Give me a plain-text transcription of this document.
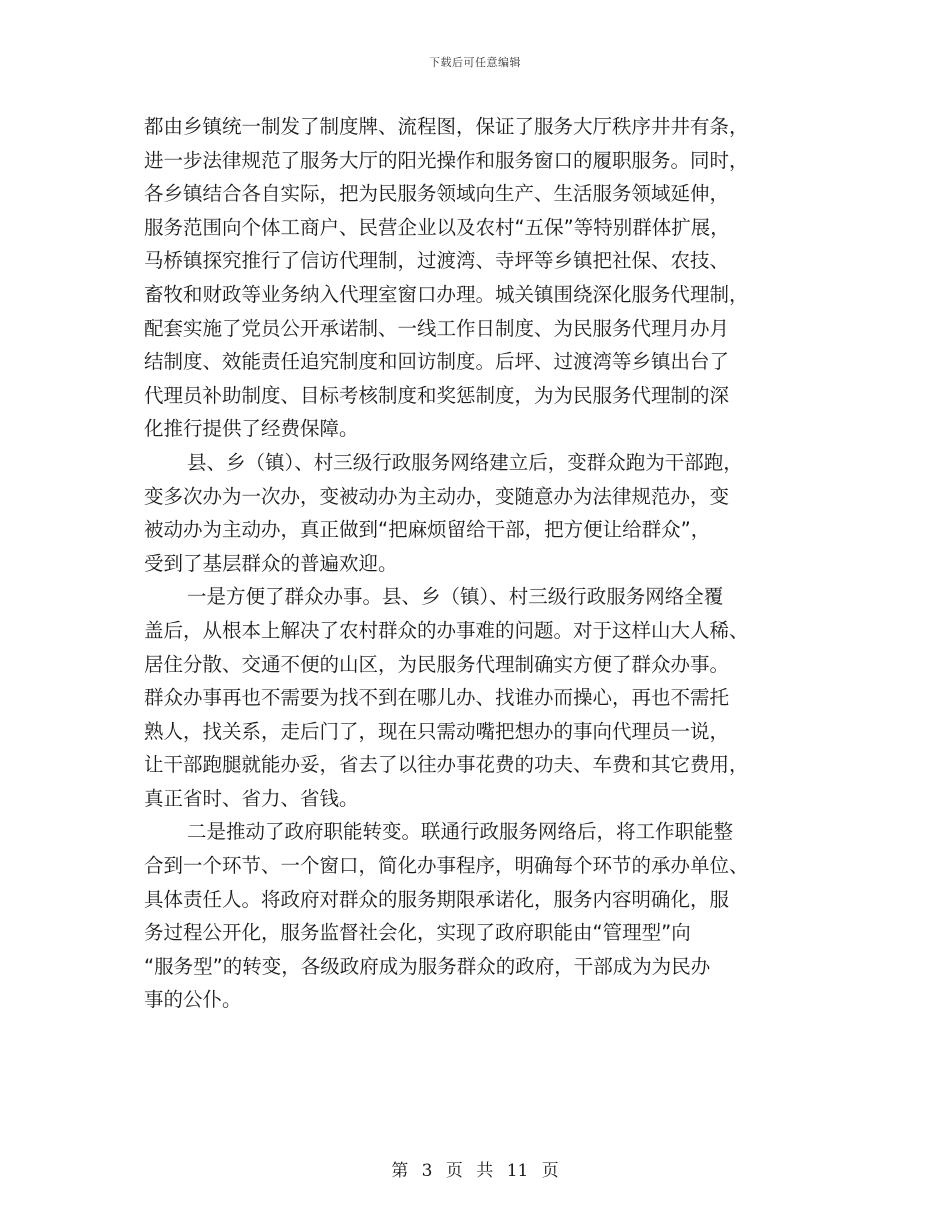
下载后可任意编辑
都由乡镇统一制发了制度牌、流程图，保证了服务大厅秩序井井有条，
进一步法律规范了服务大厅的阳光操作和服务窗口的履职服务。同时，
各乡镇结合各自实际，把为民服务领域向生产、生活服务领域延伸，
服务范围向个体工商户、民营企业以及农村“五保”等特别群体扩展，
马桥镇探究推行了信访代理制，过渡湾、寺坪等乡镇把社保、农技、
畜牧和财政等业务纳入代理室窗口办理。城关镇围绕深化服务代理制，
配套实施了党员公开承诺制、一线工作日制度、为民服务代理月办月
结制度、效能责任追究制度和回访制度。后坪、过渡湾等乡镇出台了
代理员补助制度、目标考核制度和奖惩制度，为为民服务代理制的深
化推行提供了经费保障。
县、乡（镇）、村三级行政服务网络建立后，变群众跑为干部跑，
变多次办为一次办，变被动办为主动办，变随意办为法律规范办，变
被动办为主动办，真正做到“把麻烦留给干部，把方便让给群众”，
受到了基层群众的普遍欢迎。
一是方便了群众办事。县、乡（镇）、村三级行政服务网络全覆
盖后，从根本上解决了农村群众的办事难的问题。对于这样山大人稀、
居住分散、交通不便的山区，为民服务代理制确实方便了群众办事。
群众办事再也不需要为找不到在哪儿办、找谁办而操心，再也不需托
熟人，找关系，走后门了，现在只需动嘴把想办的事向代理员一说，
让干部跑腿就能办妥，省去了以往办事花费的功夫、车费和其它费用，
真正省时、省力、省钱。
二是推动了政府职能转变。联通行政服务网络后，将工作职能整
合到一个环节、一个窗口，简化办事程序，明确每个环节的承办单位、
具体责任人。将政府对群众的服务期限承诺化，服务内容明确化，服
务过程公开化，服务监督社会化，实现了政府职能由“管理型”向
“服务型”的转变，各级政府成为服务群众的政府，干部成为为民办
事的公仆。
第 3 页 共 11 页
